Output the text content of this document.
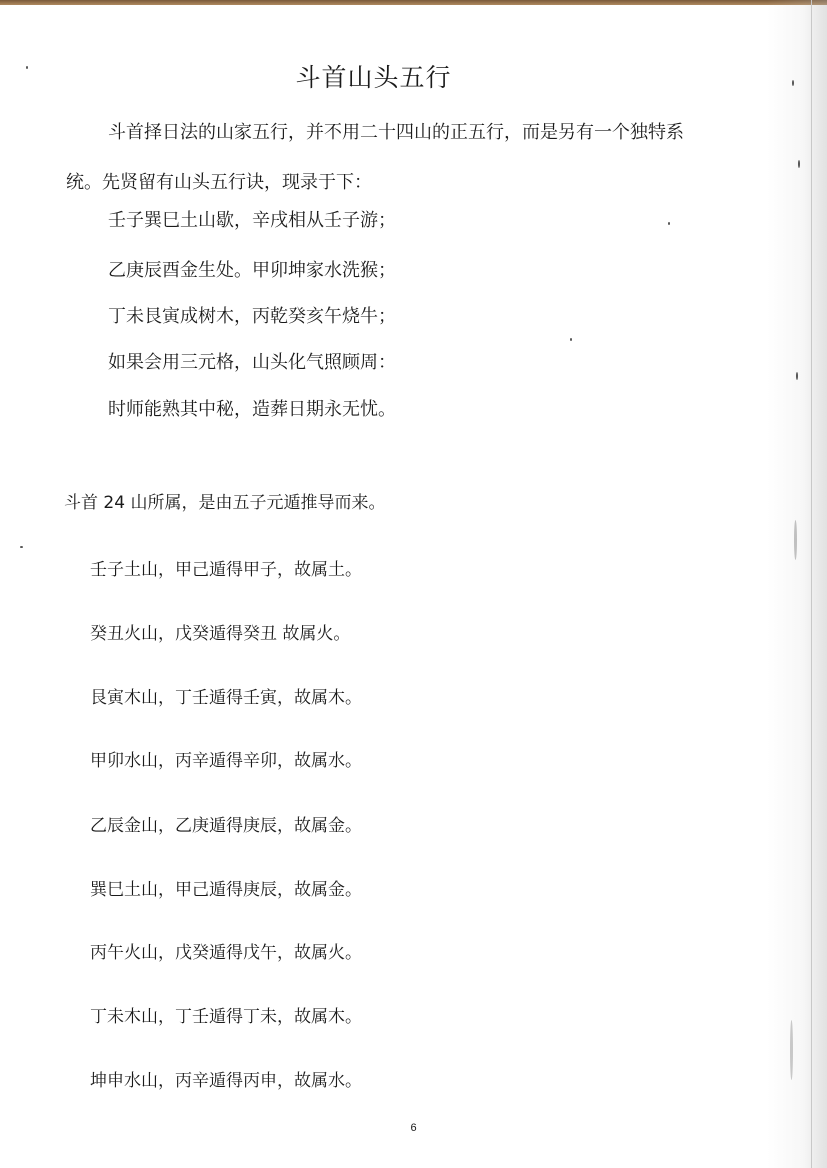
斗首山头五行
斗首择日法的山家五行，并不用二十四山的正五行，而是另有一个独特系统。先贤留有山头五行诀，现录于下：
壬子巽巳土山歇，辛戌相从壬子游；
乙庚辰酉金生处。甲卯坤家水洗猴；
丁未艮寅成树木，丙乾癸亥午烧牛；
如果会用三元格，山头化气照顾周：
时师能熟其中秘，造葬日期永无忧。
斗首 24 山所属，是由五子元遁推导而来。
壬子土山，甲己遁得甲子，故属土。
癸丑火山，戊癸遁得癸丑 故属火。
艮寅木山，丁壬遁得壬寅，故属木。
甲卯水山，丙辛遁得辛卯，故属水。
乙辰金山，乙庚遁得庚辰，故属金。
巽巳土山，甲己遁得庚辰，故属金。
丙午火山，戊癸遁得戊午，故属火。
丁未木山，丁壬遁得丁未，故属木。
坤申水山，丙辛遁得丙申，故属水。
6
